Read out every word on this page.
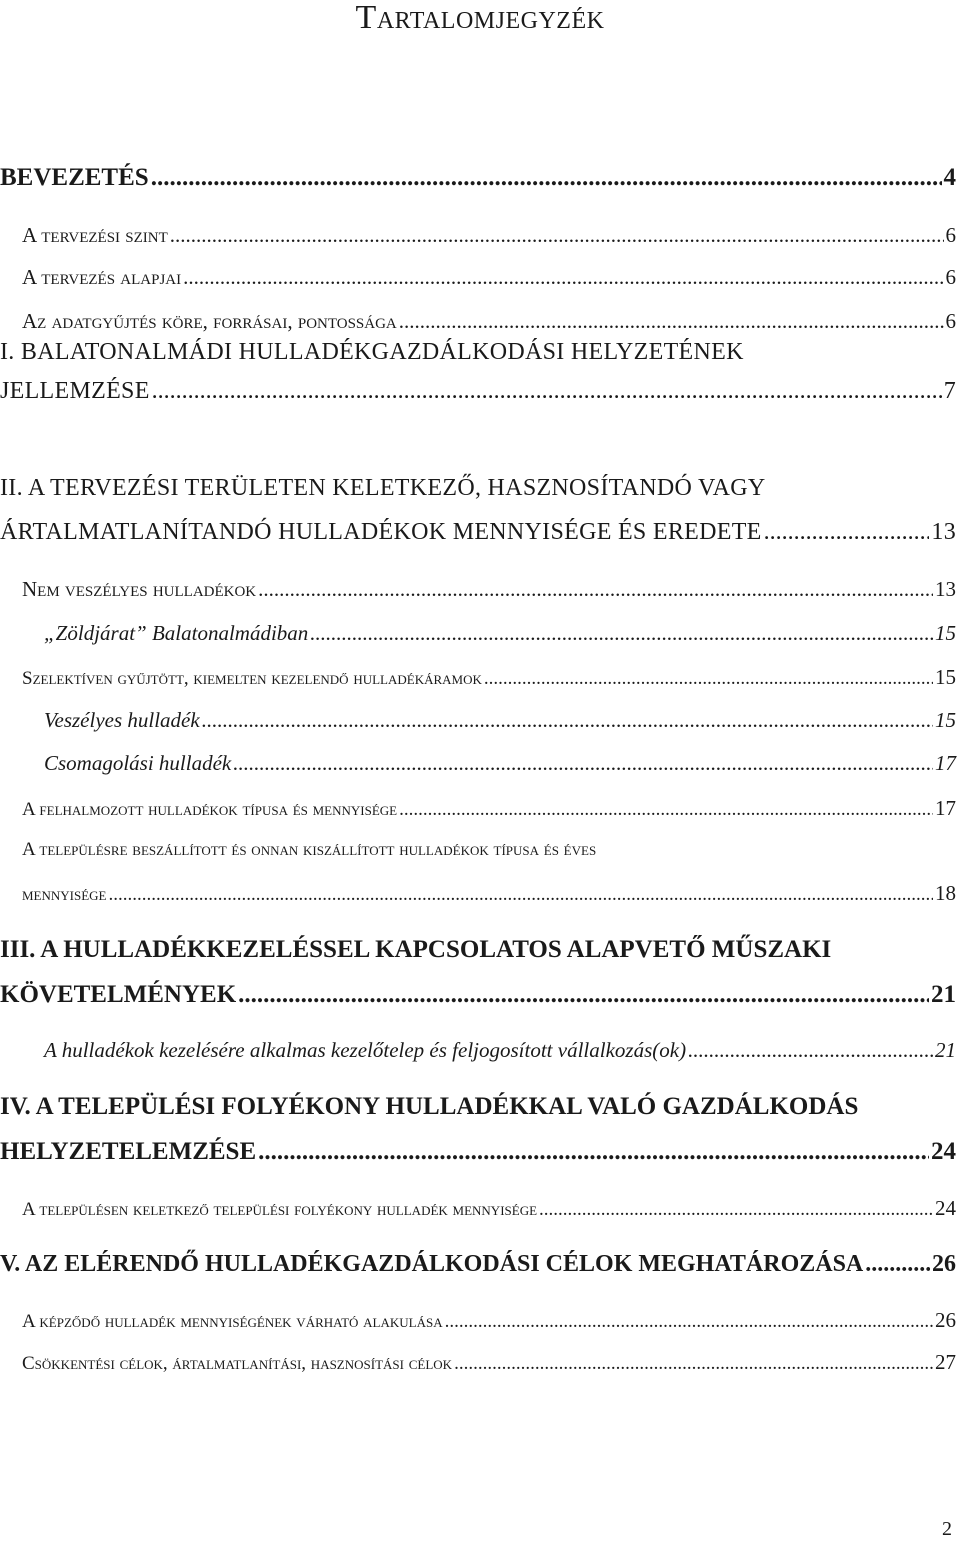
Tartalomjegyzék
BEVEZETÉS .....	4
A tervezési szint .....	6
A tervezés alapjai .....	6
Az adatgyűjtés köre, forrásai, pontossága .....	6
I. BALATONALMÁDI HULLADÉKGAZDÁLKODÁSI HELYZETÉNEK
JELLEMZÉSE .....	7
II. A TERVEZÉSI TERÜLETEN KELETKEZŐ, HASZNOSÍTANDÓ VAGY
ÁRTALMATLANÍTANDÓ HULLADÉKOK MENNYISÉGE ÉS EREDETE .....	13
Nem veszélyes hulladékok .....	13
„Zöldjárat” Balatonalmádiban .....	15
Szelektíven gyűjtött, kiemelten kezelendő hulladékáramok .....	15
Veszélyes hulladék .....	15
Csomagolási hulladék .....	17
A felhalmozott hulladékok típusa és mennyisége .....	17
A településre beszállított és onnan kiszállított hulladékok típusa és éves
mennyisége .....	18
III. A HULLADÉKKEZELÉSSEL KAPCSOLATOS ALAPVETŐ MŰSZAKI
KÖVETELMÉNYEK .....	21
A hulladékok kezelésére alkalmas kezelőtelep és feljogosított vállalkozás(ok) .....	21
IV. A TELEPÜLÉSI FOLYÉKONY HULLADÉKKAL VALÓ GAZDÁLKODÁS
HELYZETELEMZÉSE .....	24
A településen keletkező települési folyékony hulladék mennyisége .....	24
V. AZ ELÉRENDŐ HULLADÉKGAZDÁLKODÁSI CÉLOK MEGHATÁROZÁSA .....	26
A képződő hulladék mennyiségének várható alakulása .....	26
Csökkentési célok, ártalmatlanítási, hasznosítási célok .....	27
2
